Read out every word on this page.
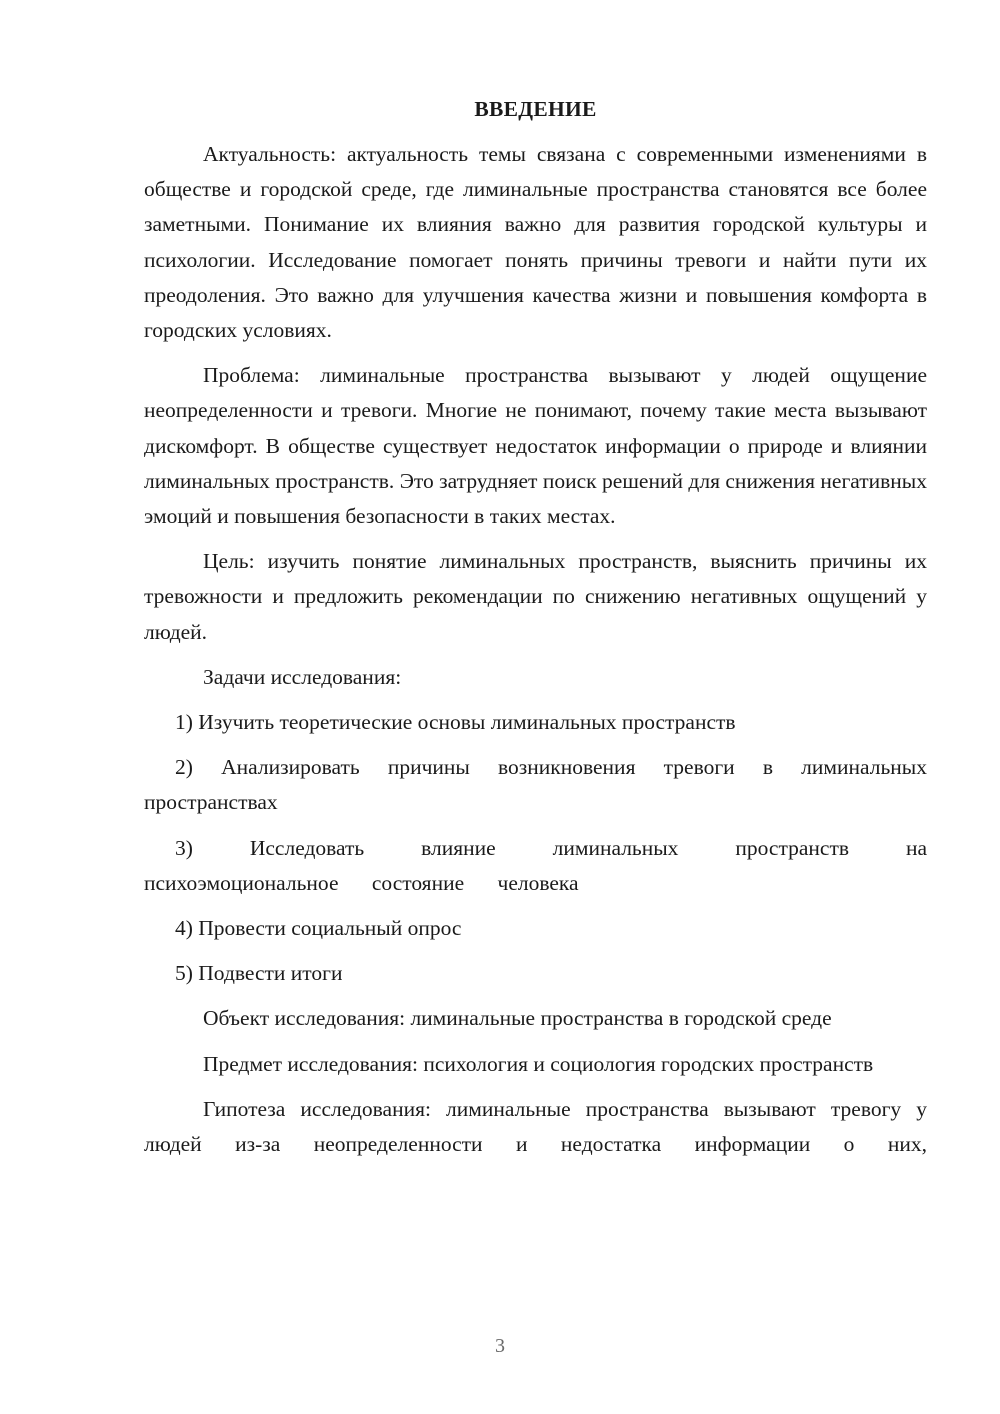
ВВЕДЕНИЕ

Актуальность: актуальность темы связана с современными изменениями в обществе и городской среде, где лиминальные пространства становятся все более заметными. Понимание их влияния важно для развития городской культуры и психологии. Исследование помогает понять причины тревоги и найти пути их преодоления. Это важно для улучшения качества жизни и повышения комфорта в городских условиях.

Проблема: лиминальные пространства вызывают у людей ощущение неопределенности и тревоги. Многие не понимают, почему такие места вызывают дискомфорт. В обществе существует недостаток информации о природе и влиянии лиминальных пространств. Это затрудняет поиск решений для снижения негативных эмоций и повышения безопасности в таких местах.

Цель: изучить понятие лиминальных пространств, выяснить причины их тревожности и предложить рекомендации по снижению негативных ощущений у людей.

Задачи исследования:

1) Изучить теоретические основы лиминальных пространств

2) Анализировать причины возникновения тревоги в лиминальных пространствах

3) Исследовать влияние лиминальных пространств на психоэмоциональное состояние человека

4) Провести социальный опрос

5) Подвести итоги

Объект исследования: лиминальные пространства в городской среде

Предмет исследования: психология и социология городских пространств

Гипотеза исследования: лиминальные пространства вызывают тревогу у людей из-за неопределенности и недостатка информации о них,

3
